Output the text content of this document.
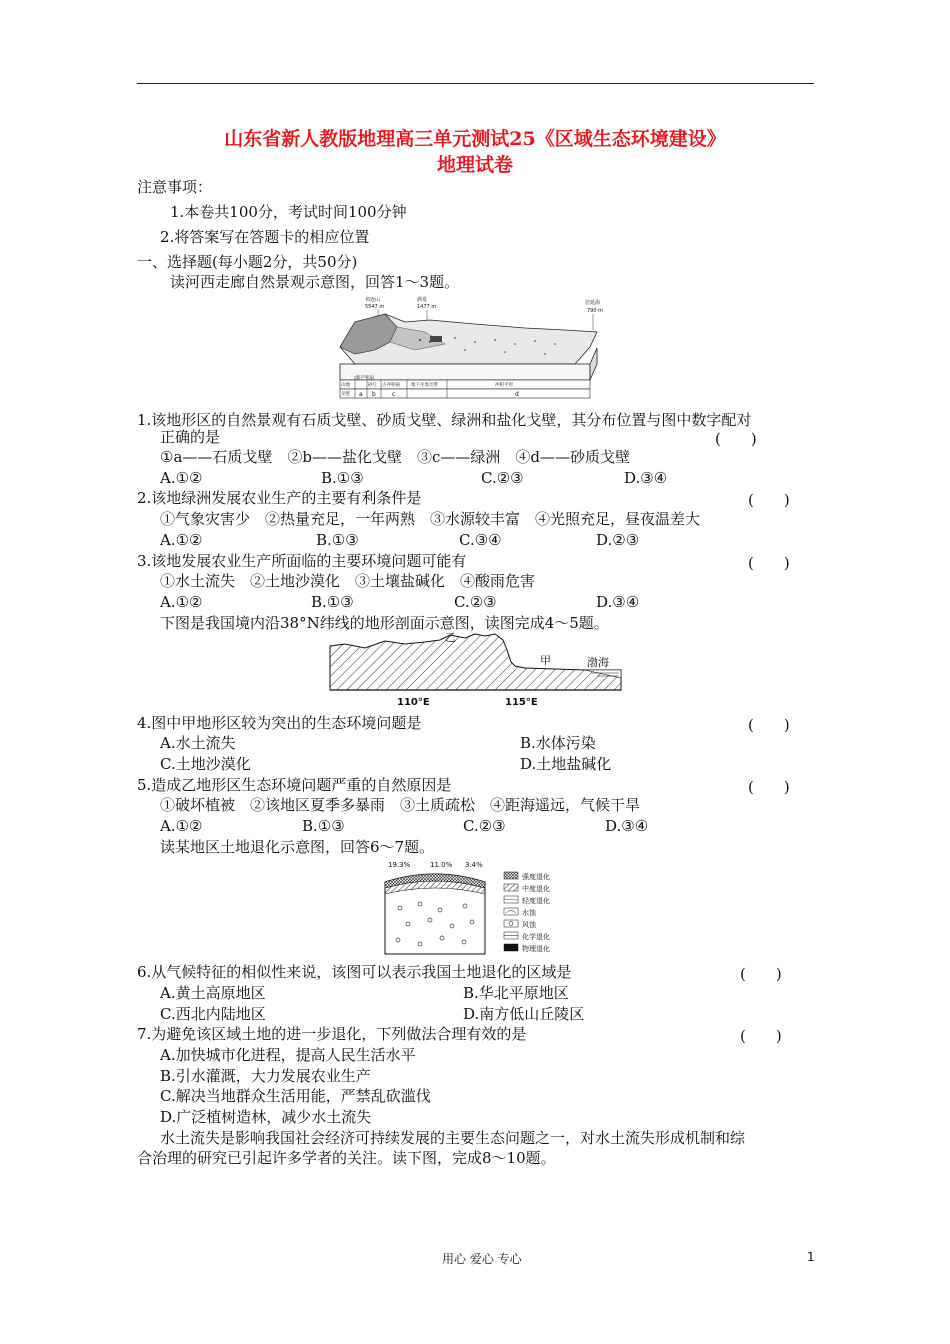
山东省新人教版地理高三单元测试25《区域生态环境建设》
地理试卷
注意事项：
1.本卷共100分，考试时间100分钟
2.将答案写在答题卡的相应位置
一、选择题(每小题2分，共50分)
读河西走廊自然景观示意图，回答1～3题。
祁连山
5547 m
酒泉
1477 m
居延海
790 m
山地
新产积扇
砂丘 古冲积扇 地下水参出带	冲积平原
戈壁 a b	c	d
1.该地形区的自然景观有石质戈壁、砂质戈壁、绿洲和盐化戈壁，其分布位置与图中数字配对
正确的是	(　　)
①a——石质戈壁　②b——盐化戈壁　③c——绿洲　④d——砂质戈壁
A.①②	B.①③	C.②③	D.③④
2.该地绿洲发展农业生产的主要有利条件是	(　　)
①气象灾害少　②热量充足，一年两熟　③水源较丰富　④光照充足，昼夜温差大
A.①②	B.①③	C.③④	D.②③
3.该地发展农业生产所面临的主要环境问题可能有	(　　)
①水土流失　②土地沙漠化　③土壤盐碱化　④酸雨危害
A.①②	B.①③	C.②③	D.③④
下图是我国境内沿38°N纬线的地形剖面示意图，读图完成4～5题。
乙
甲	渤海
110°E	115°E
4.图中甲地形区较为突出的生态环境问题是	(　　)
A.水土流失	B.水体污染
C.土地沙漠化	D.土地盐碱化
5.造成乙地形区生态环境问题严重的自然原因是	(　　)
①破坏植被　②该地区夏季多暴雨　③土质疏松　④距海遥远，气候干旱
A.①②	B.①③	C.②③	D.③④
读某地区土地退化示意图，回答6～7题。
19.3%	11.0% 3.4%
强度退化
中度退化
轻度退化
水蚀
风蚀
化学退化
物理退化
6.从气候特征的相似性来说，该图可以表示我国土地退化的区域是	(　　)
A.黄土高原地区	B.华北平原地区
C.西北内陆地区	D.南方低山丘陵区
7.为避免该区域土地的进一步退化，下列做法合理有效的是	(　　)
A.加快城市化进程，提高人民生活水平
B.引水灌溉，大力发展农业生产
C.解决当地群众生活用能，严禁乱砍滥伐
D.广泛植树造林，减少水土流失
水土流失是影响我国社会经济可持续发展的主要生态问题之一，对水土流失形成机制和综
合治理的研究已引起许多学者的关注。读下图，完成8～10题。
用心 爱心 专心	1
